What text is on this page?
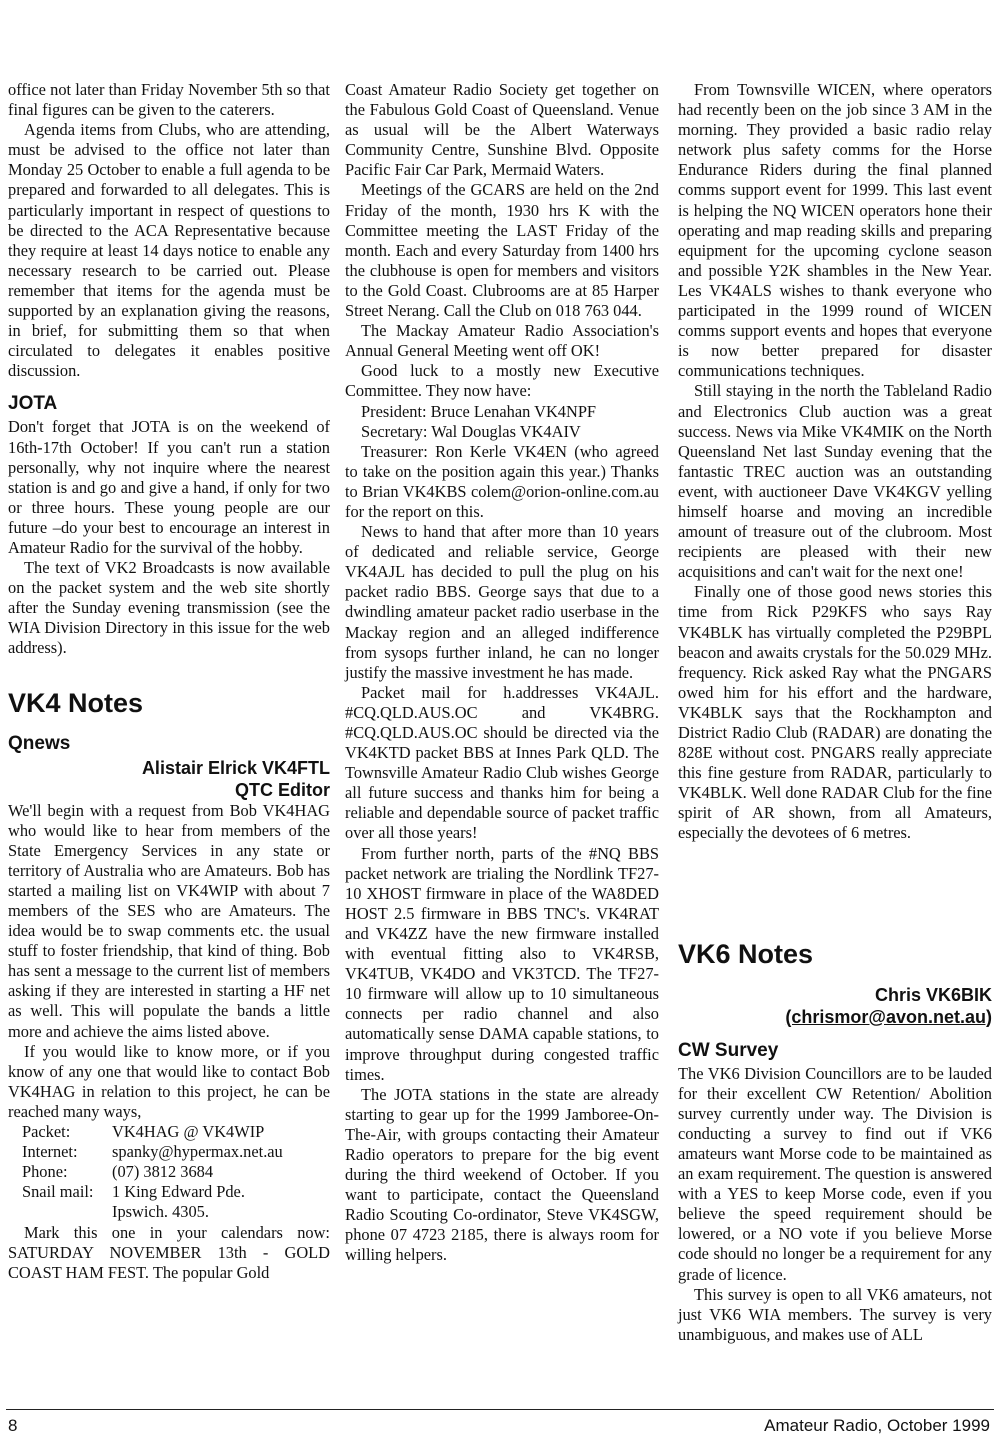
office not later than Friday November 5th so that final figures can be given to the caterers.

Agenda items from Clubs, who are attending, must be advised to the office not later than Monday 25 October to enable a full agenda to be prepared and forwarded to all delegates. This is particularly important in respect of questions to be directed to the ACA Representative because they require at least 14 days notice to enable any necessary research to be carried out. Please remember that items for the agenda must be supported by an explanation giving the reasons, in brief, for submitting them so that when circulated to delegates it enables positive discussion.

JOTA

Don't forget that JOTA is on the weekend of 16th-17th October! If you can't run a station personally, why not inquire where the nearest station is and go and give a hand, if only for two or three hours. These young people are our future –do your best to encourage an interest in Amateur Radio for the survival of the hobby.

The text of VK2 Broadcasts is now available on the packet system and the web site shortly after the Sunday evening transmission (see the WIA Division Directory in this issue for the web address).

VK4 Notes
Qnews
Alistair Elrick VK4FTL
QTC Editor

We'll begin with a request from Bob VK4HAG who would like to hear from members of the State Emergency Services in any state or territory of Australia who are Amateurs. Bob has started a mailing list on VK4WIP with about 7 members of the SES who are Amateurs. The idea would be to swap comments etc. the usual stuff to foster friendship, that kind of thing. Bob has sent a message to the current list of members asking if they are interested in starting a HF net as well. This will populate the bands a little more and achieve the aims listed above.

If you would like to know more, or if you know of any one that would like to contact Bob VK4HAG in relation to this project, he can be reached many ways,

Packet:	VK4HAG @ VK4WIP
Internet:	spanky@hypermax.net.au
Phone:	(07) 3812 3684
Snail mail:	1 King Edward Pde.
	Ipswich. 4305.

Mark this one in your calendars now: SATURDAY NOVEMBER 13th - GOLD COAST HAM FEST. The popular Gold

Coast Amateur Radio Society get together on the Fabulous Gold Coast of Queensland. Venue as usual will be the Albert Waterways Community Centre, Sunshine Blvd. Opposite Pacific Fair Car Park, Mermaid Waters.

Meetings of the GCARS are held on the 2nd Friday of the month, 1930 hrs K with the Committee meeting the LAST Friday of the month. Each and every Saturday from 1400 hrs the clubhouse is open for members and visitors to the Gold Coast. Clubrooms are at 85 Harper Street Nerang. Call the Club on 018 763 044.

The Mackay Amateur Radio Association's Annual General Meeting went off OK!

Good luck to a mostly new Executive Committee. They now have:

President: Bruce Lenahan VK4NPF

Secretary: Wal Douglas VK4AIV

Treasurer: Ron Kerle VK4EN (who agreed to take on the position again this year.) Thanks to Brian VK4KBS colem@orion-online.com.au for the report on this.

News to hand that after more than 10 years of dedicated and reliable service, George VK4AJL has decided to pull the plug on his packet radio BBS. George says that due to a dwindling amateur packet radio userbase in the Mackay region and an alleged indifference from sysops further inland, he can no longer justify the massive investment he has made.

Packet mail for h.addresses VK4AJL. #CQ.QLD.AUS.OC and VK4BRG. #CQ.QLD.AUS.OC should be directed via the VK4KTD packet BBS at Innes Park QLD. The Townsville Amateur Radio Club wishes George all future success and thanks him for being a reliable and dependable source of packet traffic over all those years!

From further north, parts of the #NQ BBS packet network are trialing the Nordlink TF27-10 XHOST firmware in place of the WA8DED HOST 2.5 firmware in BBS TNC's. VK4RAT and VK4ZZ have the new firmware installed with eventual fitting also to VK4RSB, VK4TUB, VK4DO and VK3TCD. The TF27-10 firmware will allow up to 10 simultaneous connects per radio channel and also automatically sense DAMA capable stations, to improve throughput during congested traffic times.

The JOTA stations in the state are already starting to gear up for the 1999 Jamboree-On-The-Air, with groups contacting their Amateur Radio operators to prepare for the big event during the third weekend of October. If you want to participate, contact the Queensland Radio Scouting Co-ordinator, Steve VK4SGW, phone 07 4723 2185, there is always room for willing helpers.

From Townsville WICEN, where operators had recently been on the job since 3 AM in the morning. They provided a basic radio relay network plus safety comms for the Horse Endurance Riders during the final planned comms support event for 1999. This last event is helping the NQ WICEN operators hone their operating and map reading skills and preparing equipment for the upcoming cyclone season and possible Y2K shambles in the New Year. Les VK4ALS wishes to thank everyone who participated in the 1999 round of WICEN comms support events and hopes that everyone is now better prepared for disaster communications techniques.

Still staying in the north the Tableland Radio and Electronics Club auction was a great success. News via Mike VK4MIK on the North Queensland Net last Sunday evening that the fantastic TREC auction was an outstanding event, with auctioneer Dave VK4KGV yelling himself hoarse and moving an incredible amount of treasure out of the clubroom. Most recipients are pleased with their new acquisitions and can't wait for the next one!

Finally one of those good news stories this time from Rick P29KFS who says Ray VK4BLK has virtually completed the P29BPL beacon and awaits crystals for the 50.029 MHz. frequency. Rick asked Ray what the PNGARS owed him for his effort and the hardware, VK4BLK says that the Rockhampton and District Radio Club (RADAR) are donating the 828E without cost. PNGARS really appreciate this fine gesture from RADAR, particularly to VK4BLK. Well done RADAR Club for the fine spirit of AR shown, from all Amateurs, especially the devotees of 6 metres.

VK6 Notes
Chris VK6BIK
(chrismor@avon.net.au)
CW Survey

The VK6 Division Councillors are to be lauded for their excellent CW Retention/ Abolition survey currently under way. The Division is conducting a survey to find out if VK6 amateurs want Morse code to be maintained as an exam requirement. The question is answered with a YES to keep Morse code, even if you believe the speed requirement should be lowered, or a NO vote if you believe Morse code should no longer be a requirement for any grade of licence.

This survey is open to all VK6 amateurs, not just VK6 WIA members. The survey is very unambiguous, and makes use of ALL

8	Amateur Radio, October 1999
